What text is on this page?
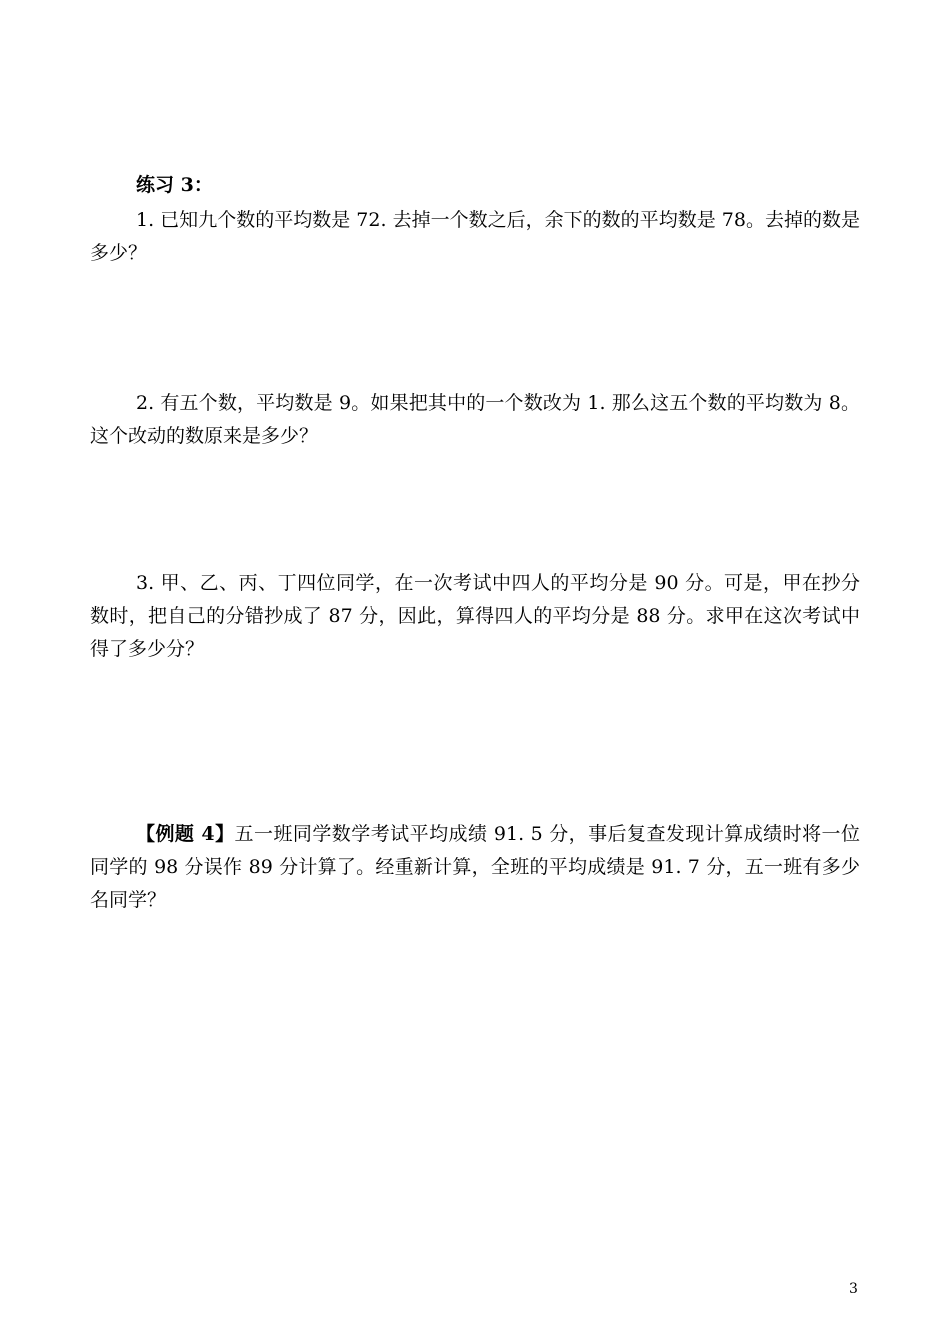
练习 3：
1. 已知九个数的平均数是 72. 去掉一个数之后，余下的数的平均数是 78。去掉的数是多少？
2. 有五个数，平均数是 9。如果把其中的一个数改为 1. 那么这五个数的平均数为 8。这个改动的数原来是多少？
3. 甲、乙、丙、丁四位同学，在一次考试中四人的平均分是 90 分。可是，甲在抄分数时，把自己的分错抄成了 87 分，因此，算得四人的平均分是 88 分。求甲在这次考试中得了多少分？
【例题 4】五一班同学数学考试平均成绩 91. 5 分，事后复查发现计算成绩时将一位同学的 98 分误作 89 分计算了。经重新计算，全班的平均成绩是 91. 7 分，五一班有多少名同学？
3
